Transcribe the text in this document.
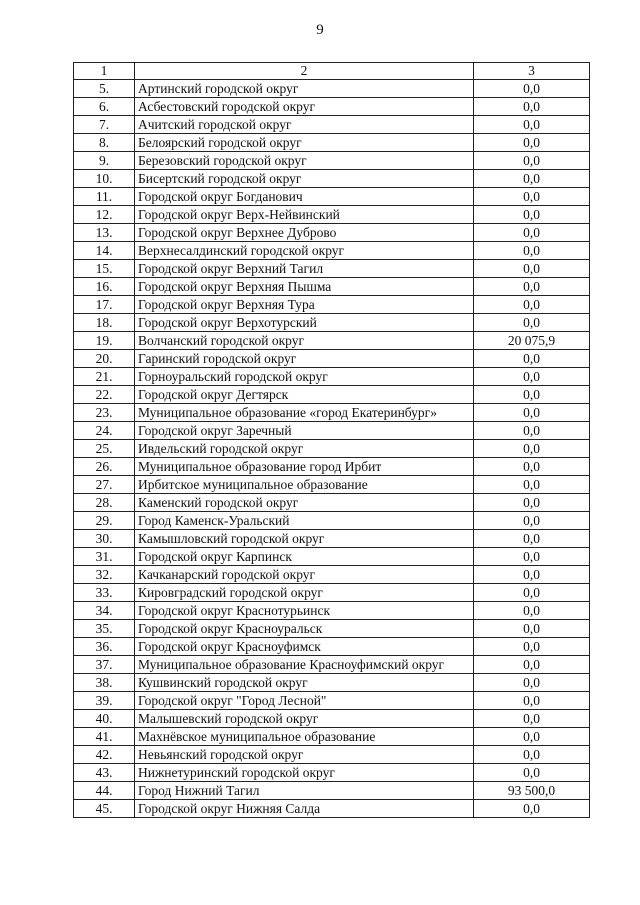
9
1	2	3
5.	Артинский городской округ	0,0
6.	Асбестовский городской округ	0,0
7.	Ачитский городской округ	0,0
8.	Белоярский городской округ	0,0
9.	Березовский городской округ	0,0
10.	Бисертский городской округ	0,0
11.	Городской округ Богданович	0,0
12.	Городской округ Верх-Нейвинский	0,0
13.	Городской округ Верхнее Дуброво	0,0
14.	Верхнесалдинский городской округ	0,0
15.	Городской округ Верхний Тагил	0,0
16.	Городской округ Верхняя Пышма	0,0
17.	Городской округ Верхняя Тура	0,0
18.	Городской округ Верхотурский	0,0
19.	Волчанский городской округ	20 075,9
20.	Гаринский городской округ	0,0
21.	Горноуральский городской округ	0,0
22.	Городской округ Дегтярск	0,0
23.	Муниципальное образование «город Екатеринбург»	0,0
24.	Городской округ Заречный	0,0
25.	Ивдельский городской округ	0,0
26.	Муниципальное образование город Ирбит	0,0
27.	Ирбитское муниципальное образование	0,0
28.	Каменский городской округ	0,0
29.	Город Каменск-Уральский	0,0
30.	Камышловский городской округ	0,0
31.	Городской округ Карпинск	0,0
32.	Качканарский городской округ	0,0
33.	Кировградский городской округ	0,0
34.	Городской округ Краснотурьинск	0,0
35.	Городской округ Красноуральск	0,0
36.	Городской округ Красноуфимск	0,0
37.	Муниципальное образование Красноуфимский округ	0,0
38.	Кушвинский городской округ	0,0
39.	Городской округ "Город Лесной"	0,0
40.	Малышевский городской округ	0,0
41.	Махнёвское муниципальное образование	0,0
42.	Невьянский городской округ	0,0
43.	Нижнетуринский городской округ	0,0
44.	Город Нижний Тагил	93 500,0
45.	Городской округ Нижняя Салда	0,0
